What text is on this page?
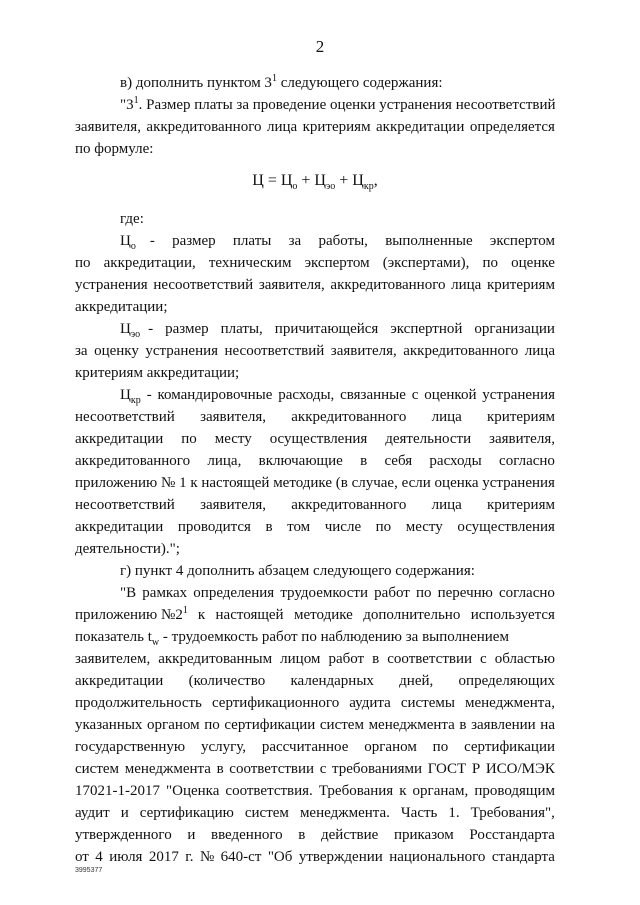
2
в) дополнить пунктом $3^1$ следующего содержания:
"$3^1$. Размер платы за проведение оценки устранения несоответствий
заявителя, аккредитованного лица критериям аккредитации определяется
по формуле:
$Ц = Ц_о + Ц_{эо} + Ц_{кр}$,
где:
$Ц_о$ - размер платы за работы, выполненные экспертом
по аккредитации, техническим экспертом (экспертами), по оценке
устранения несоответствий заявителя, аккредитованного лица критериям
аккредитации;
$Ц_{эо}$ - размер платы, причитающейся экспертной организации
за оценку устранения несоответствий заявителя, аккредитованного лица
критериям аккредитации;
$Ц_{кр}$ - командировочные расходы, связанные с оценкой устранения
несоответствий заявителя, аккредитованного лица критериям
аккредитации по месту осуществления деятельности заявителя,
аккредитованного лица, включающие в себя расходы согласно
приложению № 1 к настоящей методике (в случае, если оценка устранения
несоответствий заявителя, аккредитованного лица критериям
аккредитации проводится в том числе по месту осуществления
деятельности).";
г) пункт 4 дополнить абзацем следующего содержания:
"В рамках определения трудоемкости работ по перечню согласно
приложению № $2^1$ к настоящей методике дополнительно используется
показатель $t_w$ - трудоемкость работ по наблюдению за выполнением
заявителем, аккредитованным лицом работ в соответствии с областью
аккредитации (количество календарных дней, определяющих
продолжительность сертификационного аудита системы менеджмента,
указанных органом по сертификации систем менеджмента в заявлении на
государственную услугу, рассчитанное органом по сертификации
систем менеджмента в соответствии с требованиями ГОСТ Р ИСО/МЭК
17021-1-2017 "Оценка соответствия. Требования к органам, проводящим
аудит и сертификацию систем менеджмента. Часть 1. Требования",
утвержденного и введенного в действие приказом Росстандарта
от 4 июля 2017 г. № 640-ст "Об утверждении национального стандарта
3995377
